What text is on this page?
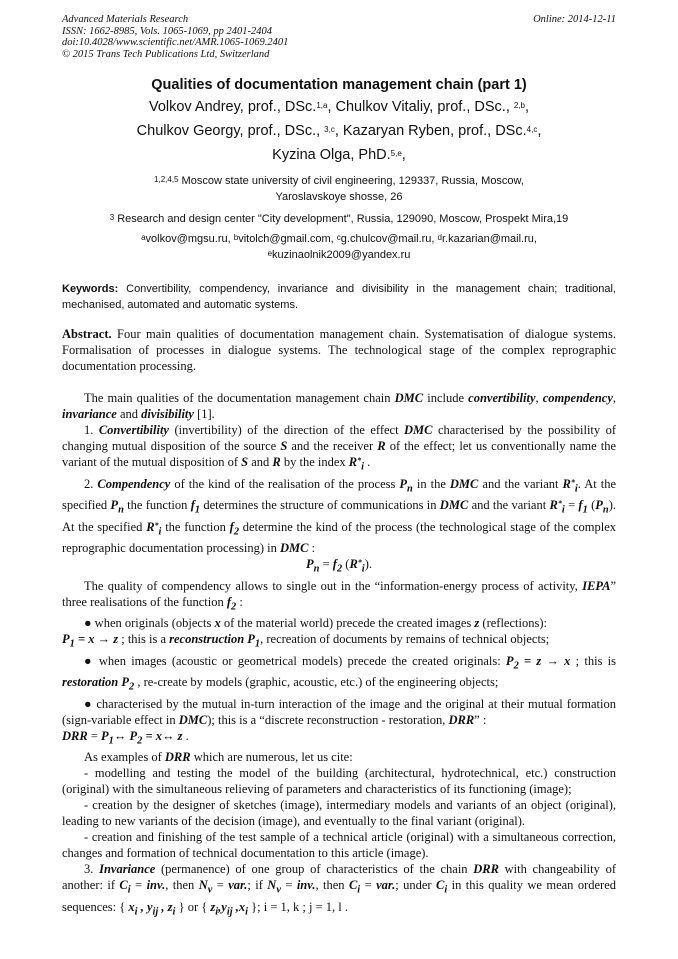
Advanced Materials Research
ISSN: 1662-8985, Vols. 1065-1069, pp 2401-2404
doi:10.4028/www.scientific.net/AMR.1065-1069.2401
© 2015 Trans Tech Publications Ltd, Switzerland
Online: 2014-12-11
Qualities of documentation management chain (part 1)
Volkov Andrey, prof., DSc.$^{1,a}$, Chulkov Vitaliy, prof., DSc., $^{2,b}$,
Chulkov Georgy, prof., DSc., $^{3,c}$, Kazaryan Ryben, prof., DSc.$^{4,c}$,
Kyzina Olga, PhD.$^{5,e}$,
$^{1,2,4,5}$ Moscow state university of civil engineering, 129337, Russia, Moscow,
Yaroslavskoye shosse, 26
$^3$ Research and design center "City development", Russia, 129090, Moscow, Prospekt Mira,19
$^a$volkov@mgsu.ru, $^b$vitolch@gmail.com, $^c$g.chulcov@mail.ru, $^d$r.kazarian@mail.ru,
$^e$kuzinaolnik2009@yandex.ru
Keywords: Convertibility, compendency, invariance and divisibility in the management chain; traditional, mechanised, automated and automatic systems.
Abstract. Four main qualities of documentation management chain. Systematisation of dialogue systems. Formalisation of processes in dialogue systems. The technological stage of the complex reprographic documentation processing.

The main qualities of the documentation management chain DMC include convertibility, compendency, invariance and divisibility [1].

1. Convertibility (invertibility) of the direction of the effect DMC characterised by the possibility of changing mutual disposition of the source S and the receiver R of the effect; let us conventionally name the variant of the mutual disposition of S and R by the index $R^*_i$ .

2. Compendency of the kind of the realisation of the process $P_n$ in the DMC and the variant $R^*_i$. At the specified $P_n$ the function $f_1$ determines the structure of communications in DMC and the variant $R^*_i = f_1$ $(P_n)$. At the specified $R^*_i$ the function $f_2$ determine the kind of the process (the technological stage of the complex reprographic documentation processing) in DMC :

$P_n = f_2$ $(R^*_i)$.

The quality of compendency allows to single out in the “information-energy process of activity, IEPA” three realisations of the function $f_2$ :

● when originals (objects x of the material world) precede the created images z (reflections):

$P_1 = x \to z$ ; this is a reconstruction $P_1$, recreation of documents by remains of technical objects;

● when images (acoustic or geometrical models) precede the created originals: $P_2 = z \to x$ ; this is restoration $P_2$ , re-create by models (graphic, acoustic, etc.) of the engineering objects;

● characterised by the mutual in-turn interaction of the image and the original at their mutual formation (sign-variable effect in DMC); this is a “discrete reconstruction - restoration, DRR” :

DRR = $P_1\leftrightarrow$ $P_2$ = x↔ z .

As examples of DRR which are numerous, let us cite:

- modelling and testing the model of the building (architectural, hydrotechnical, etc.) construction (original) with the simultaneous relieving of parameters and characteristics of its functioning (image);

- creation by the designer of sketches (image), intermediary models and variants of an object (original), leading to new variants of the decision (image), and eventually to the final variant (original).

- creation and finishing of the test sample of a technical article (original) with a simultaneous correction, changes and formation of technical documentation to this article (image).

3. Invariance (permanence) of one group of characteristics of the chain DRR with changeability of another: if $C_i$ = inv., then $N_v$ = var.; if $N_v$ = inv., then $C_i$ = var.; under $C_i$ in this quality we mean ordered sequences: { $x_i$ , $y_{ij}$ , $z_i$ } or { $z_i,y_{ij}$ $,x_i$ }; i = 1, k ; j = 1, l .
